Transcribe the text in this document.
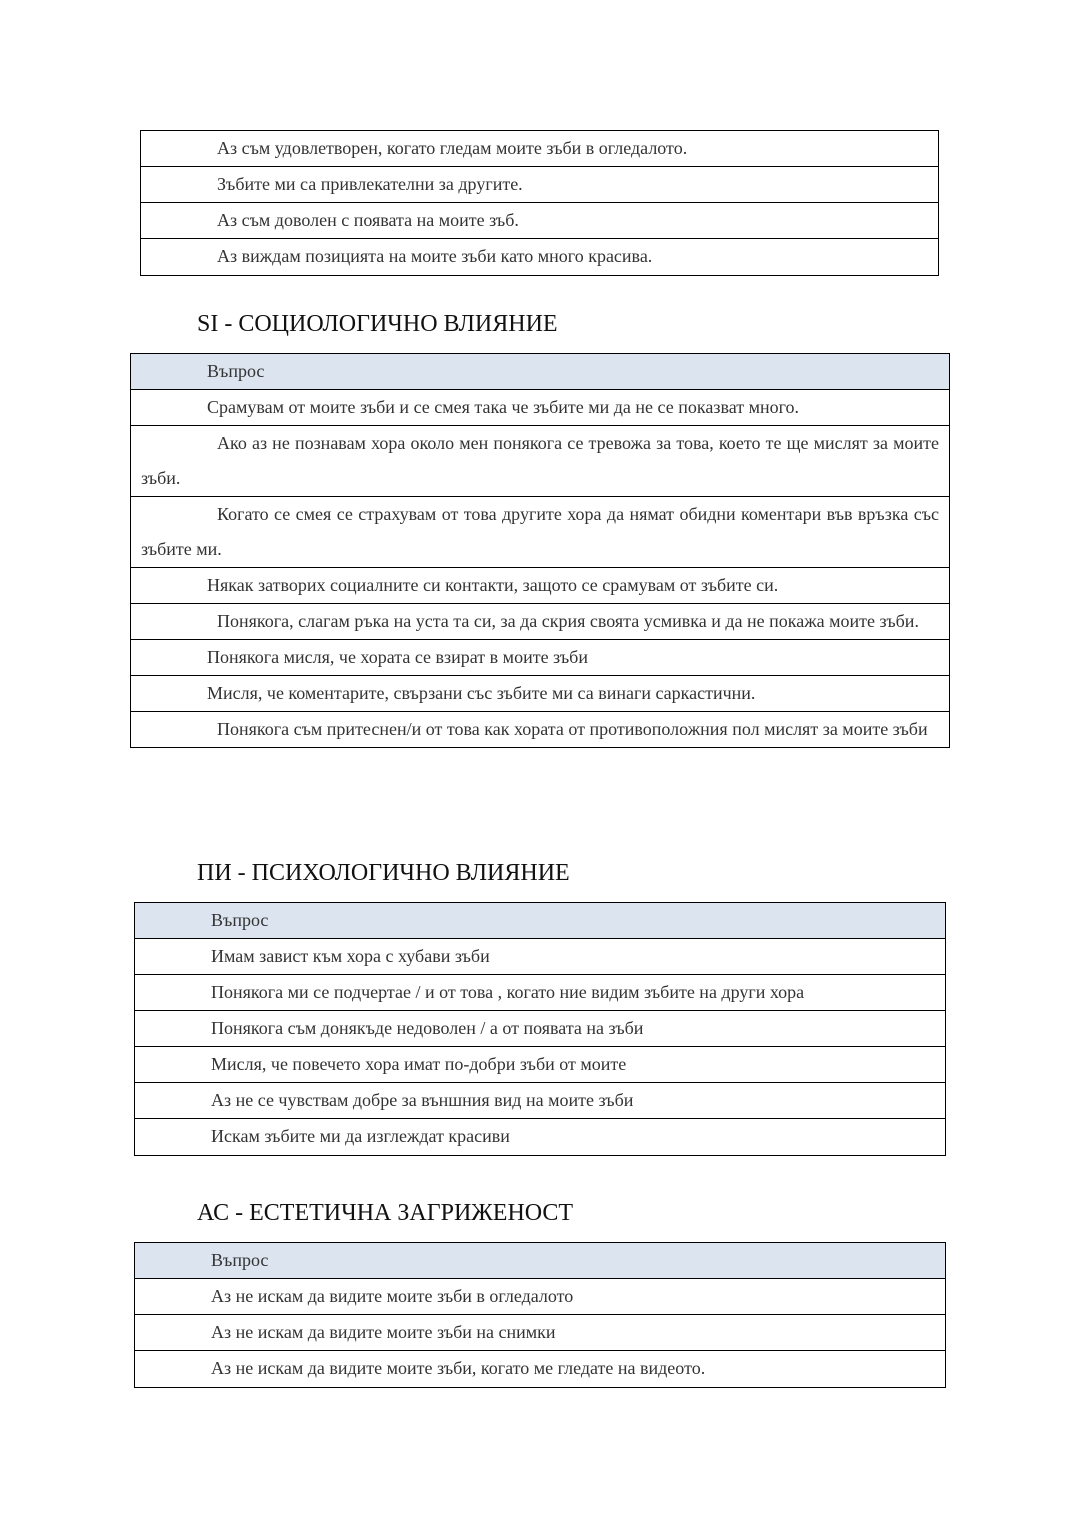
Аз съм удовлетворен, когато гледам моите зъби в огледалото.
Зъбите ми са привлекателни за другите.
Аз съм доволен с появата на моите зъб.
Аз виждам позицията на моите зъби като много красива.
SI - СОЦИОЛОГИЧНО ВЛИЯНИЕ
Въпрос
Срамувам от моите зъби и се смея така че зъбите ми да не се показват много.
Ако аз не познавам хора около мен понякога се тревожа за това, което те ще мислят за моите зъби.
Когато се смея се страхувам от това другите хора да нямат обидни коментари във връзка със зъбите ми.
Някак затворих социалните си контакти, защото се срамувам от зъбите си.
Понякога, слагам ръка на уста та си, за да скрия своята усмивка и да не покажа моите зъби.
Понякога мисля, че хората се взират в моите зъби
Мисля, че коментарите, свързани със зъбите ми са винаги саркастични.
Понякога съм притеснен/и от това как хората от противоположния пол мислят за моите зъби
ПИ - ПСИХОЛОГИЧНО ВЛИЯНИЕ
Въпрос
Имам завист към хора с хубави зъби
Понякога ми се подчертае / и от това , когато ние видим зъбите на други хора
Понякога съм донякъде недоволен / а от появата на зъби
Мисля, че повечето хора имат по-добри зъби от моите
Аз не се чувствам добре за външния вид на моите зъби
Искам зъбите ми да изглеждат красиви
АС - ЕСТЕТИЧНА ЗАГРИЖЕНОСТ
Въпрос
Аз не искам да видите моите зъби в огледалото
Аз не искам да видите моите зъби на снимки
Аз не искам да видите моите зъби, когато ме гледате на видеото.
